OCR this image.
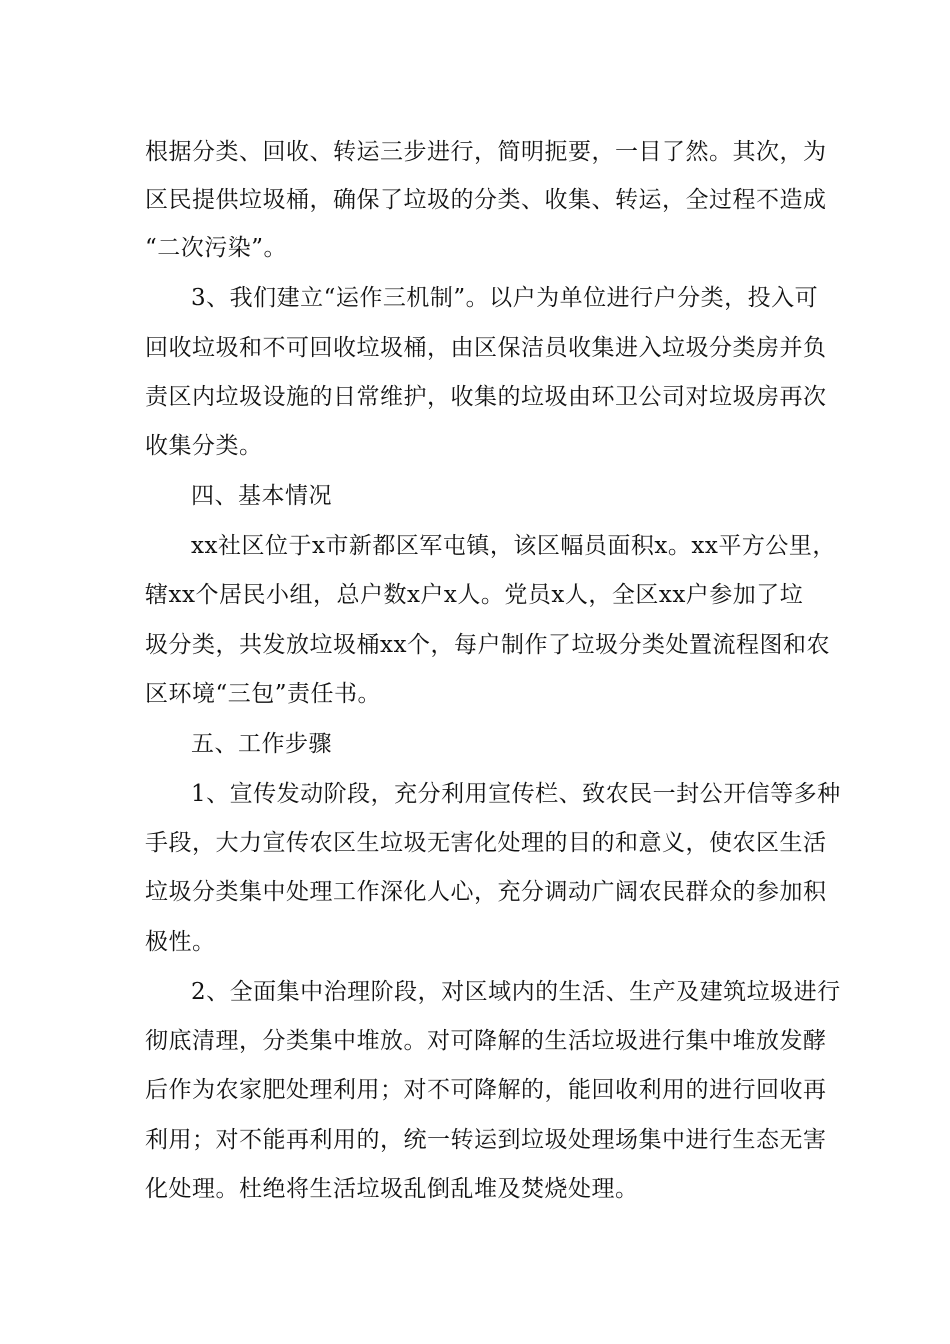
根据分类、回收、转运三步进行，简明扼要，一目了然。其次，为
区民提供垃圾桶，确保了垃圾的分类、收集、转运，全过程不造成
“二次污染”。
3、我们建立“运作三机制”。以户为单位进行户分类，投入可
回收垃圾和不可回收垃圾桶，由区保洁员收集进入垃圾分类房并负
责区内垃圾设施的日常维护，收集的垃圾由环卫公司对垃圾房再次
收集分类。
四、基本情况
xx社区位于x市新都区军屯镇，该区幅员面积x。xx平方公里，
辖xx个居民小组，总户数x户x人。党员x人，全区xx户参加了垃
圾分类，共发放垃圾桶xx个，每户制作了垃圾分类处置流程图和农
区环境“三包”责任书。
五、工作步骤
1、宣传发动阶段，充分利用宣传栏、致农民一封公开信等多种
手段，大力宣传农区生垃圾无害化处理的目的和意义，使农区生活
垃圾分类集中处理工作深化人心，充分调动广阔农民群众的参加积
极性。
2、全面集中治理阶段，对区域内的生活、生产及建筑垃圾进行
彻底清理，分类集中堆放。对可降解的生活垃圾进行集中堆放发酵
后作为农家肥处理利用；对不可降解的，能回收利用的进行回收再
利用；对不能再利用的，统一转运到垃圾处理场集中进行生态无害
化处理。杜绝将生活垃圾乱倒乱堆及焚烧处理。
